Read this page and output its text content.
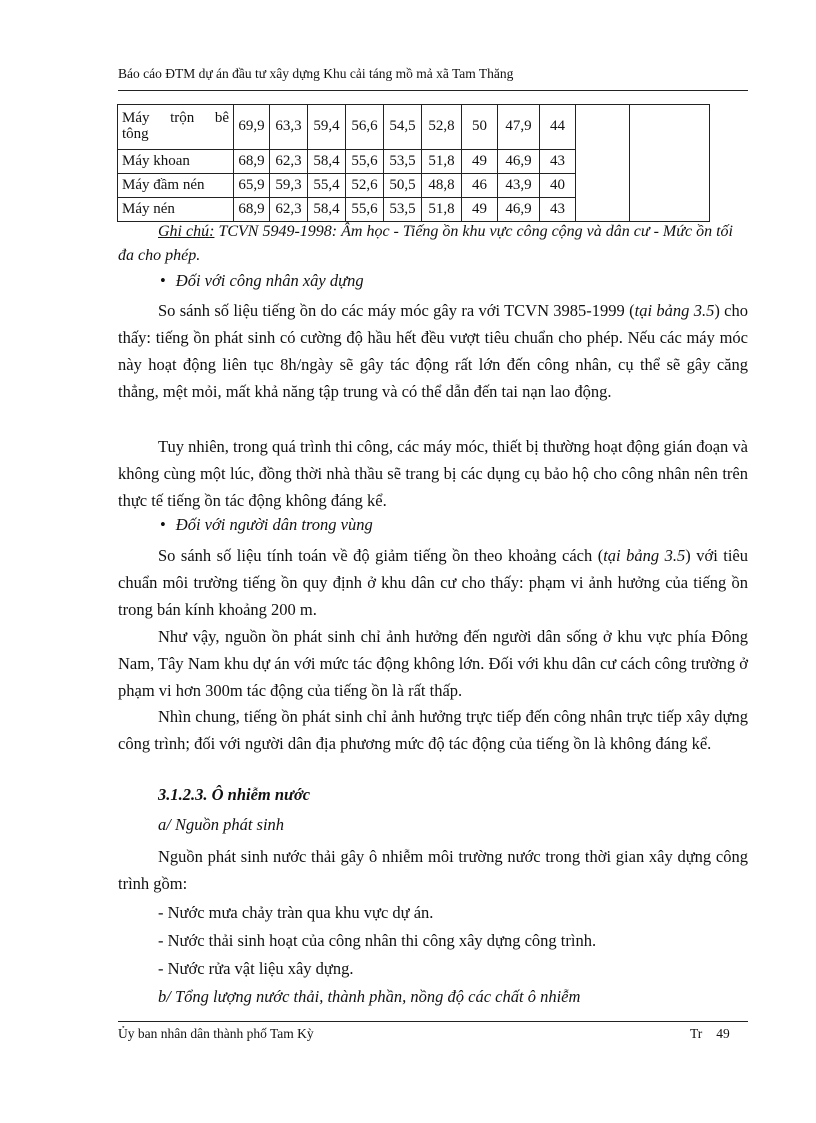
Báo cáo ĐTM dự án đầu tư xây dựng Khu cải táng mồ mả xã Tam Thăng
Máy trộn bê
tông	69,9	63,3	59,4	56,6	54,5	52,8	50	47,9	44		
Máy khoan	68,9	62,3	58,4	55,6	53,5	51,8	49	46,9	43		
Máy đầm nén	65,9	59,3	55,4	52,6	50,5	48,8	46	43,9	40		
Máy nén	68,9	62,3	58,4	55,6	53,5	51,8	49	46,9	43		
Ghi chú: TCVN 5949-1998: Âm học - Tiếng ồn khu vực công cộng và dân cư - Mức ồn tối đa cho phép.
• Đối với công nhân xây dựng
So sánh số liệu tiếng ồn do các máy móc gây ra với TCVN 3985-1999 (tại bảng 3.5) cho thấy: tiếng ồn phát sinh có cường độ hầu hết đều vượt tiêu chuẩn cho phép. Nếu các máy móc này hoạt động liên tục 8h/ngày sẽ gây tác động rất lớn đến công nhân, cụ thể sẽ gây căng thẳng, mệt mỏi, mất khả năng tập trung và có thể dẫn đến tai nạn lao động.
Tuy nhiên, trong quá trình thi công, các máy móc, thiết bị thường hoạt động gián đoạn và không cùng một lúc, đồng thời nhà thầu sẽ trang bị các dụng cụ bảo hộ cho công nhân nên trên thực tế tiếng ồn tác động không đáng kể.
• Đối với người dân trong vùng
So sánh số liệu tính toán về độ giảm tiếng ồn theo khoảng cách (tại bảng 3.5) với tiêu chuẩn môi trường tiếng ồn quy định ở khu dân cư cho thấy: phạm vi ảnh hưởng của tiếng ồn trong bán kính khoảng 200 m.
Như vậy, nguồn ồn phát sinh chỉ ảnh hưởng đến người dân sống ở khu vực phía Đông Nam, Tây Nam khu dự án với mức tác động không lớn. Đối với khu dân cư cách công trường ở phạm vi hơn 300m tác động của tiếng ồn là rất thấp.
Nhìn chung, tiếng ồn phát sinh chỉ ảnh hưởng trực tiếp đến công nhân trực tiếp xây dựng công trình; đối với người dân địa phương mức độ tác động của tiếng ồn là không đáng kể.
3.1.2.3. Ô nhiễm nước
a/ Nguồn phát sinh
Nguồn phát sinh nước thải gây ô nhiễm môi trường nước trong thời gian xây dựng công trình gồm:
- Nước mưa chảy tràn qua khu vực dự án.
- Nước thải sinh hoạt của công nhân thi công xây dựng công trình.
- Nước rửa vật liệu xây dựng.
b/ Tổng lượng nước thải, thành phần, nồng độ các chất ô nhiễm
Ủy ban nhân dân thành phố Tam Kỳ	Tr 49
